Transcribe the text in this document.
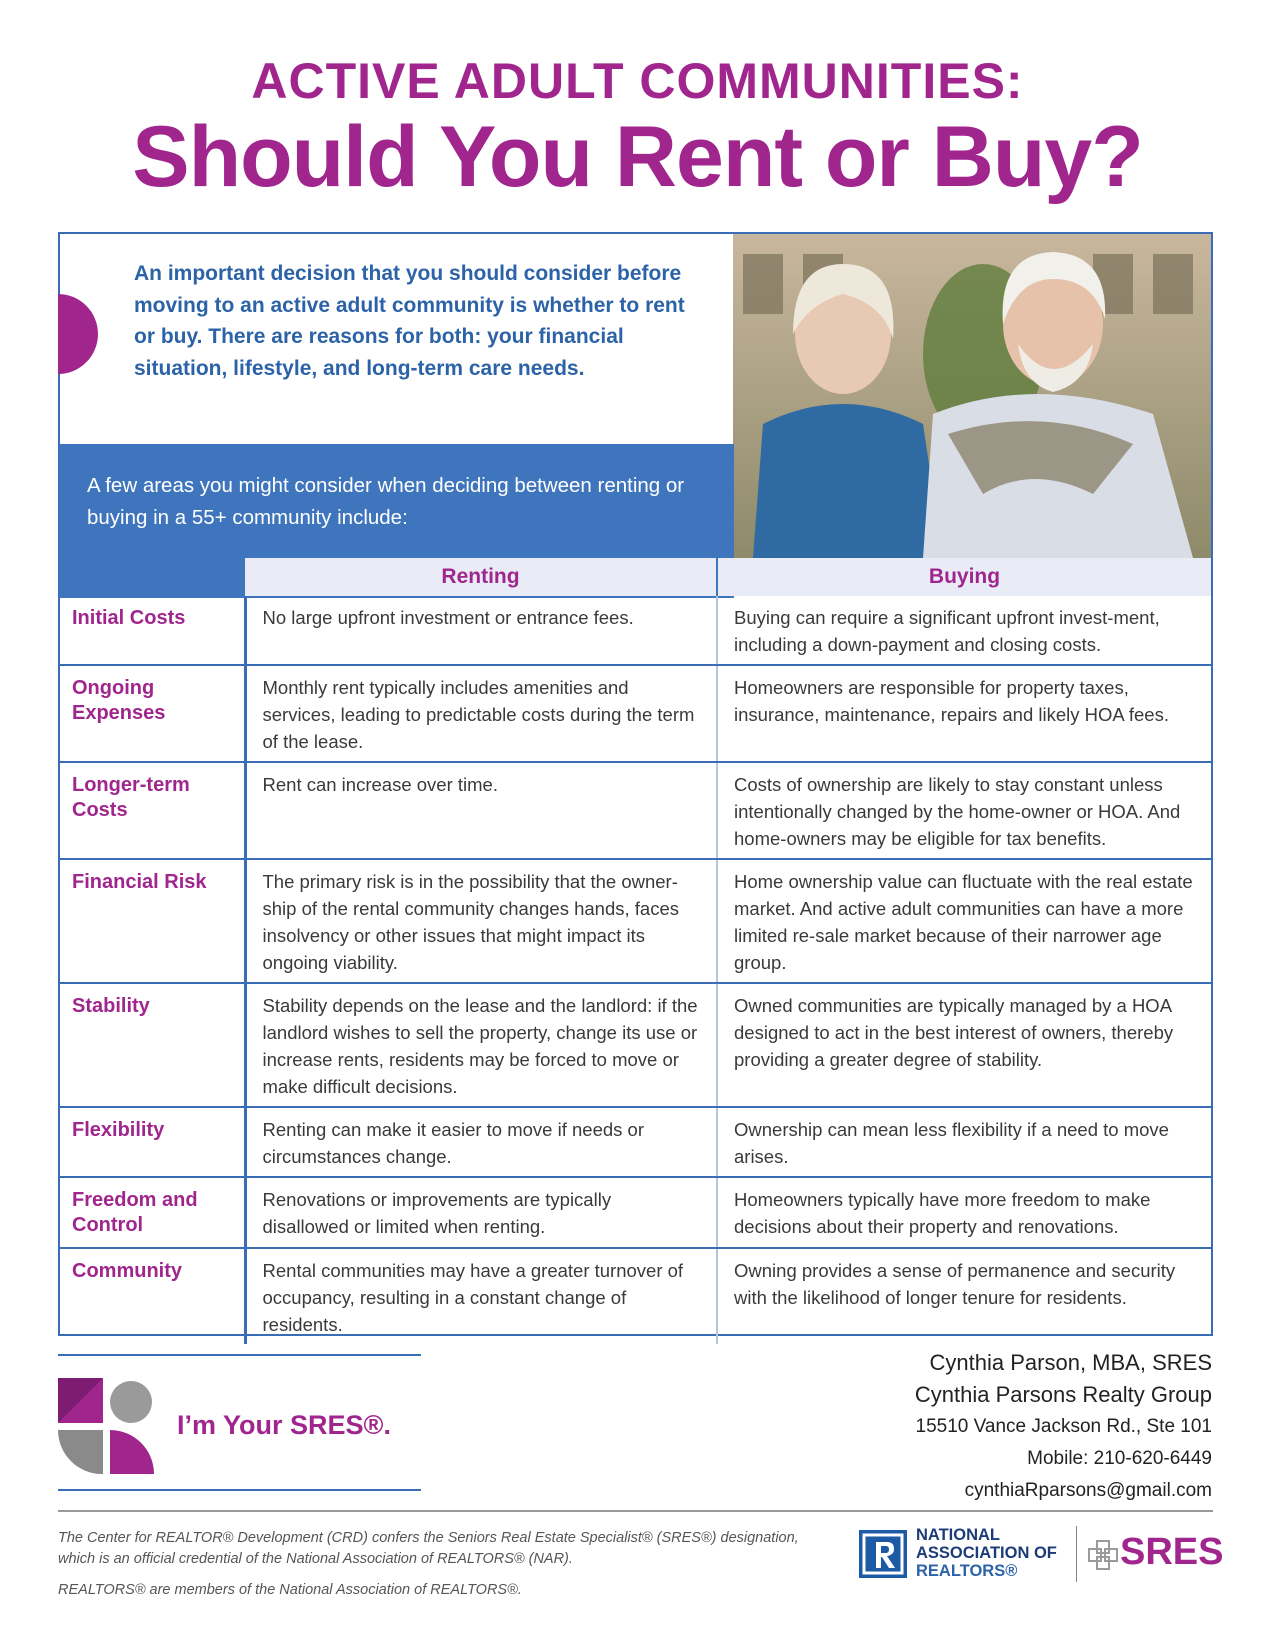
ACTIVE ADULT COMMUNITIES:
Should You Rent or Buy?
An important decision that you should consider before moving to an active adult community is whether to rent or buy. There are reasons for both: your financial situation, lifestyle, and long-term care needs.
A few areas you might consider when deciding between renting or buying in a 55+ community include:
Renting	Buying
Initial Costs	No large upfront investment or entrance fees.	Buying can require a significant upfront invest-ment, including a down-payment and closing costs.
Ongoing Expenses	Monthly rent typically includes amenities and services, leading to predictable costs during the term of the lease.	Homeowners are responsible for property taxes, insurance, maintenance, repairs and likely HOA fees.
Longer-term Costs	Rent can increase over time.	Costs of ownership are likely to stay constant unless intentionally changed by the home-owner or HOA. And home-owners may be eligible for tax benefits.
Financial Risk	The primary risk is in the possibility that the owner-ship of the rental community changes hands, faces insolvency or other issues that might impact its ongoing viability.	Home ownership value can fluctuate with the real estate market. And active adult communities can have a more limited re-sale market because of their narrower age group.
Stability	Stability depends on the lease and the landlord: if the landlord wishes to sell the property, change its use or increase rents, residents may be forced to move or make difficult decisions.	Owned communities are typically managed by a HOA designed to act in the best interest of owners, thereby providing a greater degree of stability.
Flexibility	Renting can make it easier to move if needs or circumstances change.	Ownership can mean less flexibility if a need to move arises.
Freedom and Control	Renovations or improvements are typically disallowed or limited when renting.	Homeowners typically have more freedom to make decisions about their property and renovations.
Community	Rental communities may have a greater turnover of occupancy, resulting in a constant change of residents.	Owning provides a sense of permanence and security with the likelihood of longer tenure for residents.
I’m Your SRES®.
Cynthia Parson, MBA, SRES
Cynthia Parsons Realty Group
15510 Vance Jackson Rd., Ste 101
Mobile: 210-620-6449
cynthiaRparsons@gmail.com
The Center for REALTOR® Development (CRD) confers the Seniors Real Estate Specialist® (SRES®) designation, which is an official credential of the National Association of REALTORS® (NAR).
REALTORS® are members of the National Association of REALTORS®.
NATIONAL
ASSOCIATION OF
REALTORS®	SRES
